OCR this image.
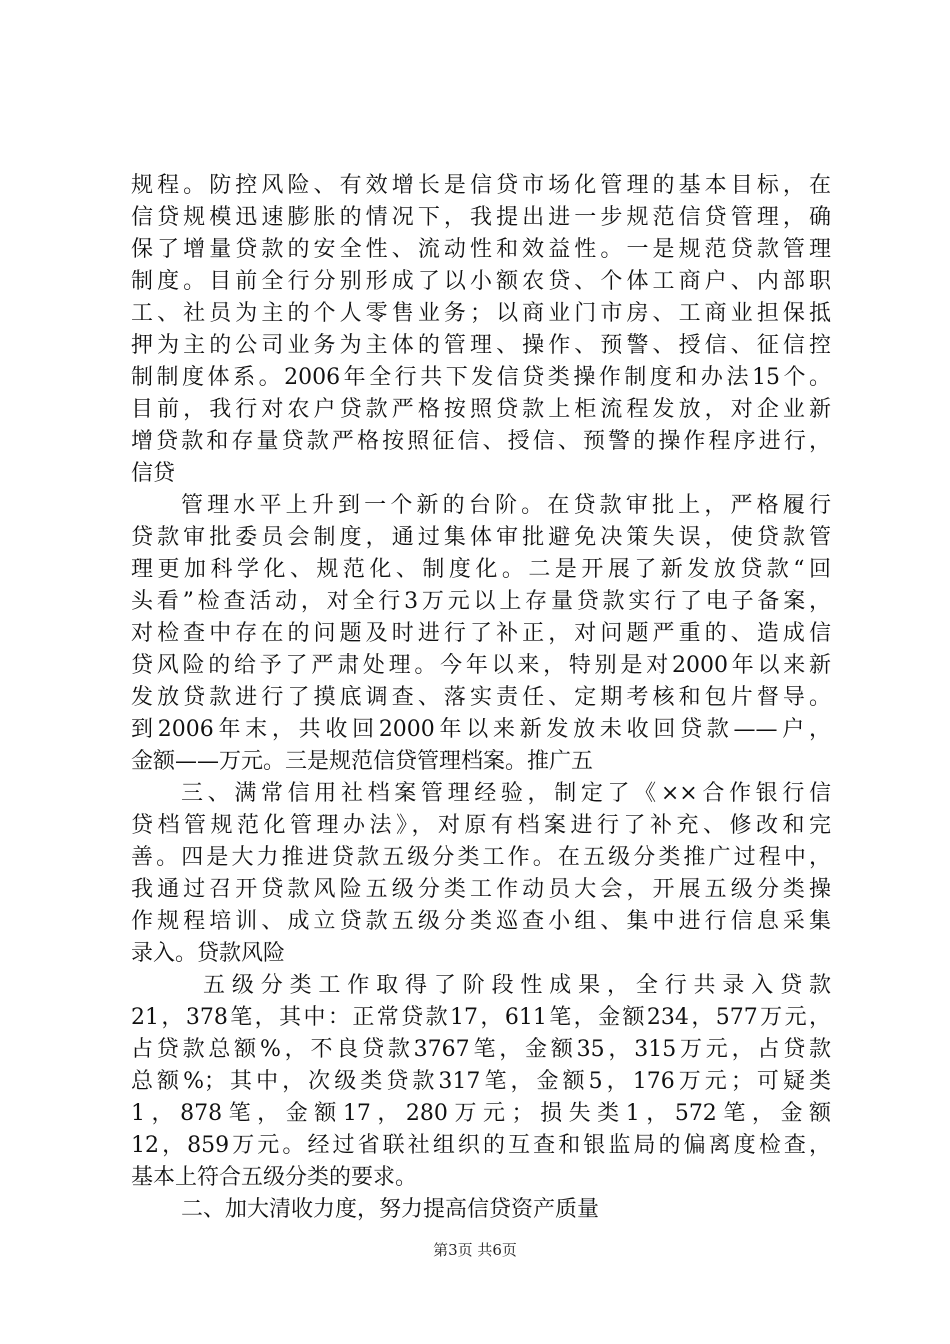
规程。防控风险、有效增长是信贷市场化管理的基本目标，在
信贷规模迅速膨胀的情况下，我提出进一步规范信贷管理，确
保了增量贷款的安全性、流动性和效益性。一是规范贷款管理
制度。目前全行分别形成了以小额农贷、个体工商户、内部职
工、社员为主的个人零售业务；以商业门市房、工商业担保抵
押为主的公司业务为主体的管理、操作、预警、授信、征信控
制制度体系。2006年全行共下发信贷类操作制度和办法15个。
目前，我行对农户贷款严格按照贷款上柜流程发放，对企业新
增贷款和存量贷款严格按照征信、授信、预警的操作程序进行，
信贷
管理水平上升到一个新的台阶。在贷款审批上，严格履行
贷款审批委员会制度，通过集体审批避免决策失误，使贷款管
理更加科学化、规范化、制度化。二是开展了新发放贷款“回
头看”检查活动，对全行3万元以上存量贷款实行了电子备案，
对检查中存在的问题及时进行了补正，对问题严重的、造成信
贷风险的给予了严肃处理。今年以来，特别是对2000年以来新
发放贷款进行了摸底调查、落实责任、定期考核和包片督导。
到2006年末，共收回2000年以来新发放未收回贷款——户，
金额——万元。三是规范信贷管理档案。推广五
三、满常信用社档案管理经验，制定了《××合作银行信
贷档管规范化管理办法》，对原有档案进行了补充、修改和完
善。四是大力推进贷款五级分类工作。在五级分类推广过程中，
我通过召开贷款风险五级分类工作动员大会，开展五级分类操
作规程培训、成立贷款五级分类巡查小组、集中进行信息采集
录入。贷款风险
五级分类工作取得了阶段性成果，全行共录入贷款
21，378笔，其中：正常贷款17，611笔，金额234，577万元，
占贷款总额%，不良贷款3767笔，金额35，315万元，占贷款
总额%；其中，次级类贷款317笔，金额5，176万元；可疑类
1，878笔，金额17，280万元；损失类1，572笔，金额
12，859万元。经过省联社组织的互查和银监局的偏离度检查，
基本上符合五级分类的要求。
二、加大清收力度，努力提高信贷资产质量
第3页 共6页
